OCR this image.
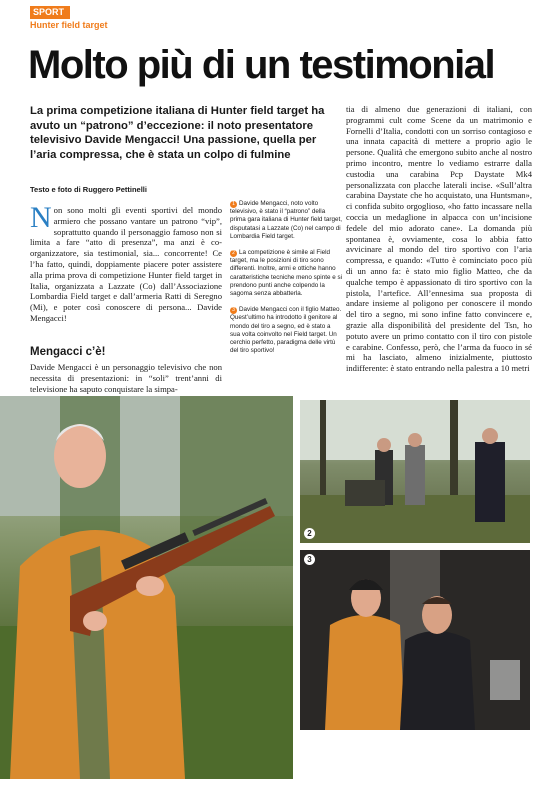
SPORT
Hunter field target
Molto più di un testimonial

La prima competizione italiana di Hunter field target ha avuto un “patrono” d’eccezione: il noto presentatore televisivo Davide Mengacci! Una passione, quella per l’aria compressa, che è stata un colpo di fulmine

Testo e foto di Ruggero Pettinelli
Non sono molti gli eventi sportivi del mondo armiero che possano vantare un patrono “vip”, soprattutto quando il personaggio famoso non si limita a fare “atto di presenza”, ma anzi è co-organizzatore, sia testimonial, sia... concorrente! Ce l’ha fatto, quindi, doppiamente piacere poter assistere alla prima prova di competizione Hunter field target in Italia, organizzata a Lazzate (Co) dall’Associazione Lombardia Field target e dall’armeria Ratti di Seregno (Mi), e poter così conoscere di persona... Davide Mengacci!
Mengacci c’è!

Davide Mengacci è un personaggio televisivo che non necessita di presentazioni: in “soli” trent’anni di televisione ha saputo conquistare la simpa-

1 Davide Mengacci, noto volto televisivo, è stato il “patrono” della prima gara italiana di Hunter field target, disputatasi a Lazzate (Co) nel campo di Lombardia Field target.
2 La competizione è simile al Field target, ma le posizioni di tiro sono differenti. Inoltre, armi e ottiche hanno caratteristiche tecniche meno spinte e si prendono punti anche colpendo la sagoma senza abbatterla.
3 Davide Mengacci con il figlio Matteo. Quest’ultimo ha introdotto il genitore al mondo del tiro a segno, ed è stato a sua volta coinvolto nel Field target. Un cerchio perfetto, paradigma delle virtù del tiro sportivo!

tia di almeno due generazioni di italiani, con programmi cult come Scene da un matrimonio e Fornelli d’Italia, condotti con un sorriso contagioso e una innata capacità di mettere a proprio agio le persone. Qualità che emergono subito anche al nostro primo incontro, mentre lo vediamo estrarre dalla custodia una carabina Pcp Daystate Mk4 personalizzata con placche laterali incise. «Sull’altra carabina Daystate che ho acquistato, una Huntsman», ci confida subito orgoglioso, «ho fatto incassare nella coccia un medaglione in alpacca con un’incisione fedele del mio adorato cane». La domanda più spontanea è, ovviamente, cosa lo abbia fatto avvicinare al mondo del tiro sportivo con l’aria compressa, e quando: «Tutto è cominciato poco più di un anno fa: è stato mio figlio Matteo, che da qualche tempo è appassionato di tiro sportivo con la pistola, l’artefice. All’ennesima sua proposta di andare insieme al poligono per conoscere il mondo del tiro a segno, mi sono infine fatto convincere e, grazie alla disponibilità del presidente del Tsn, ho potuto avere un primo contatto con il tiro con pistole e carabine. Confesso, però, che l’arma da fuoco in sé mi ha lasciato, almeno inizialmente, piuttosto indifferente: è stato entrando nella palestra a 10 metri

2
3
